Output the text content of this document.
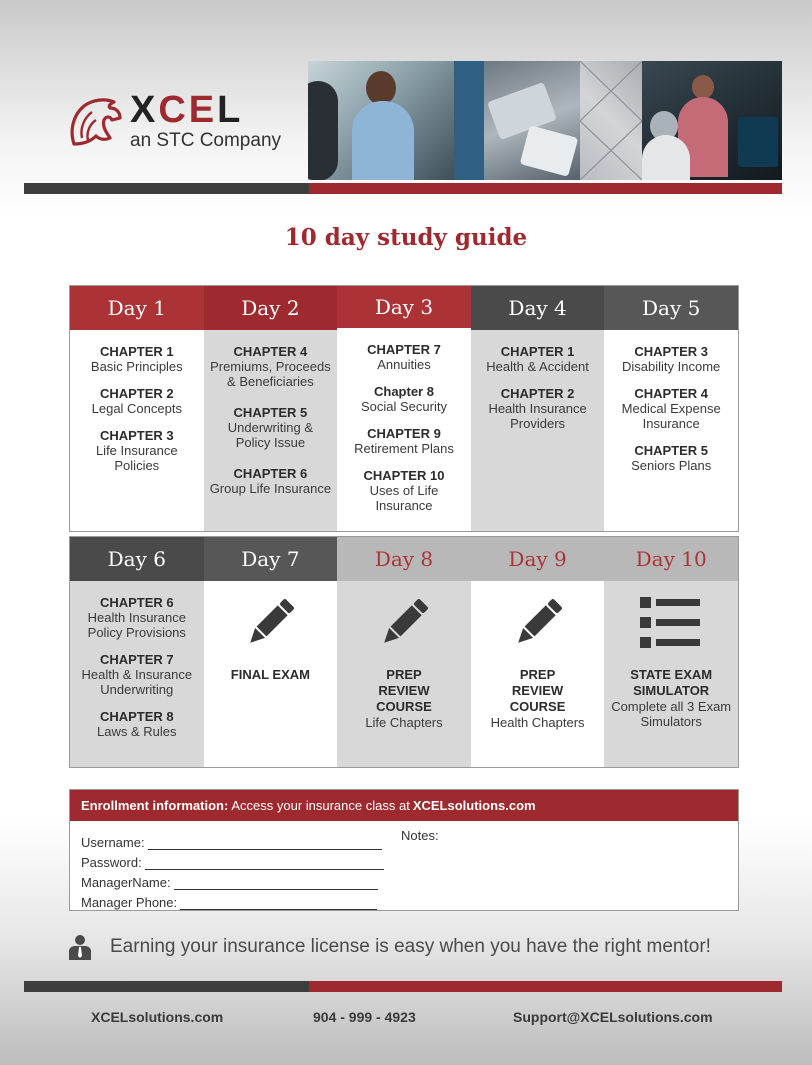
XCEL
an STC Company
10 day study guide
Day 1
CHAPTER 1
Basic Principles
CHAPTER 2
Legal Concepts
CHAPTER 3
Life Insurance Policies
Day 2
CHAPTER 4
Premiums, Proceeds & Beneficiaries
CHAPTER 5
Underwriting & Policy Issue
CHAPTER 6
Group Life Insurance
Day 3
CHAPTER 7
Annuities
Chapter 8
Social Security
CHAPTER 9
Retirement Plans
CHAPTER 10
Uses of Life Insurance
Day 4
CHAPTER 1
Health & Accident
CHAPTER 2
Health Insurance Providers
Day 5
CHAPTER 3
Disability Income
CHAPTER 4
Medical Expense Insurance
CHAPTER 5
Seniors Plans
Day 6
CHAPTER 6
Health Insurance Policy Provisions
CHAPTER 7
Health & Insurance Underwriting
CHAPTER 8
Laws & Rules
Day 7
FINAL EXAM
Day 8
PREP REVIEW COURSE
Life Chapters
Day 9
PREP REVIEW COURSE
Health Chapters
Day 10
STATE EXAM SIMULATOR
Complete all 3 Exam Simulators
Enrollment information: Access your insurance class at XCELsolutions.com
Username:
Password:
ManagerName:
Manager Phone:
Notes:
Earning your insurance license is easy when you have the right mentor!
XCELsolutions.com	904 - 999 - 4923	Support@XCELsolutions.com
